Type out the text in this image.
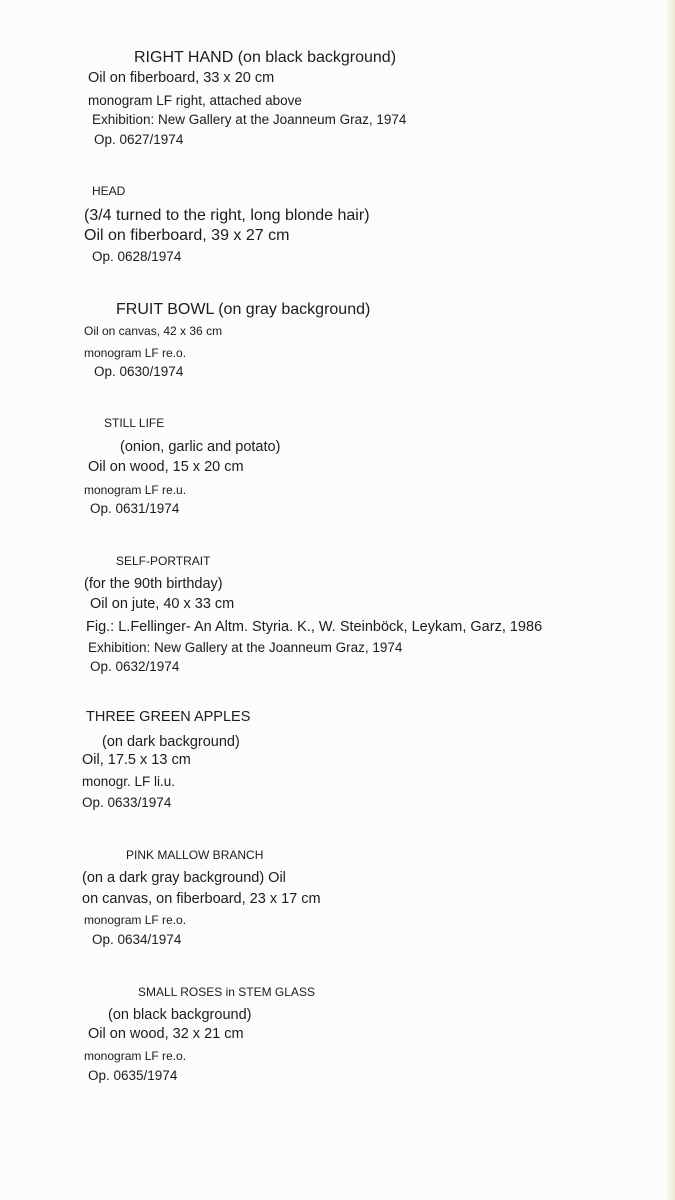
RIGHT HAND (on black background)
Oil on fiberboard, 33 x 20 cm
monogram LF right, attached above
Exhibition: New Gallery at the Joanneum Graz, 1974
Op. 0627/1974
HEAD
(3/4 turned to the right, long blonde hair)
Oil on fiberboard, 39 x 27 cm
Op. 0628/1974
FRUIT BOWL (on gray background)
Oil on canvas, 42 x 36 cm
monogram LF re.o.
Op. 0630/1974
STILL LIFE
(onion, garlic and potato)
Oil on wood, 15 x 20 cm
monogram LF re.u.
Op. 0631/1974
SELF-PORTRAIT
(for the 90th birthday)
Oil on jute, 40 x 33 cm
Fig.: L.Fellinger- An Altm. Styria. K., W. Steinböck, Leykam, Garz, 1986
Exhibition: New Gallery at the Joanneum Graz, 1974
Op. 0632/1974
THREE GREEN APPLES
(on dark background)
Oil, 17.5 x 13 cm
monogr. LF li.u.
Op. 0633/1974
PINK MALLOW BRANCH
(on a dark gray background) Oil
on canvas, on fiberboard, 23 x 17 cm
monogram LF re.o.
Op. 0634/1974
SMALL ROSES in STEM GLASS
(on black background)
Oil on wood, 32 x 21 cm
monogram LF re.o.
Op. 0635/1974
